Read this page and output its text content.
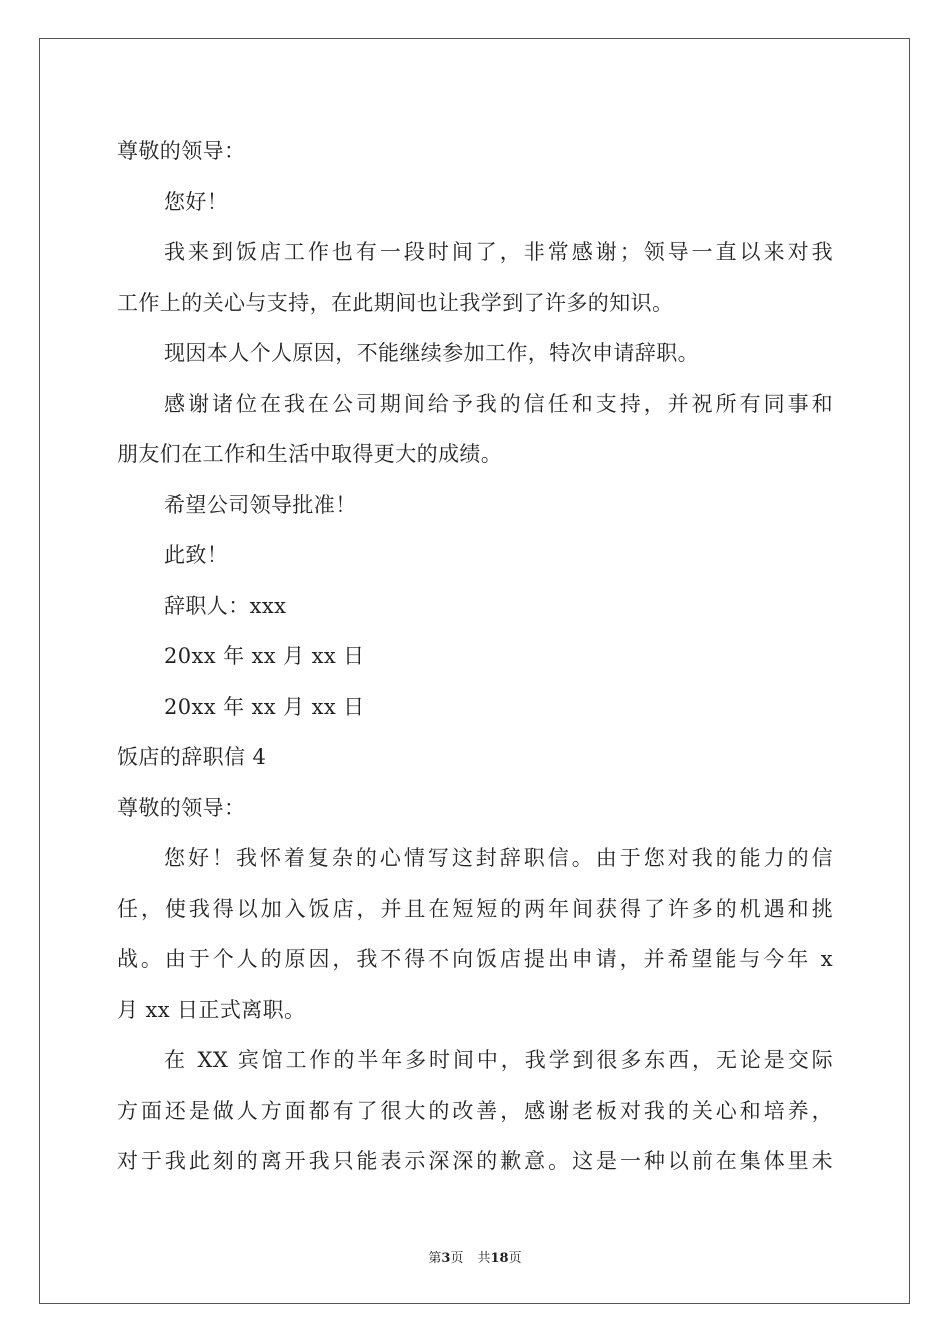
尊敬的领导：
您好！
我来到饭店工作也有一段时间了，非常感谢；领导一直以来对我
工作上的关心与支持，在此期间也让我学到了许多的知识。
现因本人个人原因，不能继续参加工作，特次申请辞职。
感谢诸位在我在公司期间给予我的信任和支持，并祝所有同事和
朋友们在工作和生活中取得更大的成绩。
希望公司领导批准！
此致！
辞职人：xxx
20xx 年 xx 月 xx 日
20xx 年 xx 月 xx 日
饭店的辞职信 4
尊敬的领导：
您好！我怀着复杂的心情写这封辞职信。由于您对我的能力的信
任，使我得以加入饭店，并且在短短的两年间获得了许多的机遇和挑
战。由于个人的原因，我不得不向饭店提出申请，并希望能与今年 x
月 xx 日正式离职。
在 XX 宾馆工作的半年多时间中，我学到很多东西，无论是交际
方面还是做人方面都有了很大的改善，感谢老板对我的关心和培养，
对于我此刻的离开我只能表示深深的歉意。这是一种以前在集体里未
第3页 共18页
